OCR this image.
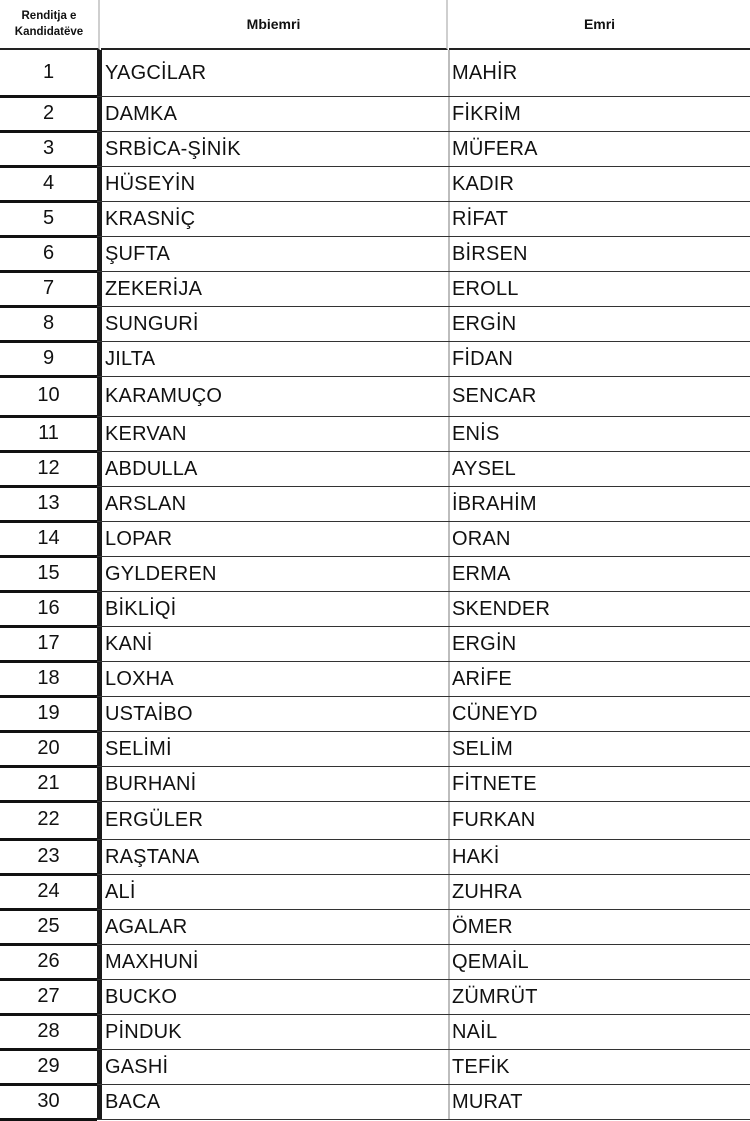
Renditja e
Kandidatëve	Mbiemri	Emri
1	YAGCİLAR	MAHİR
2	DAMKA	FİKRİM
3	SRBİCA-ŞİNİK	MÜFERA
4	HÜSEYİN	KADIR
5	KRASNİÇ	RİFAT
6	ŞUFTA	BİRSEN
7	ZEKERİJA	EROLL
8	SUNGURİ	ERGİN
9	JILTA	FİDAN
10	KARAMUÇO	SENCAR
11	KERVAN	ENİS
12	ABDULLA	AYSEL
13	ARSLAN	İBRAHİM
14	LOPAR	ORAN
15	GYLDEREN	ERMA
16	BİKLİQİ	SKENDER
17	KANİ	ERGİN
18	LOXHA	ARİFE
19	USTAİBO	CÜNEYD
20	SELİMİ	SELİM
21	BURHANİ	FİTNETE
22	ERGÜLER	FURKAN
23	RAŞTANA	HAKİ
24	ALİ	ZUHRA
25	AGALAR	ÖMER
26	MAXHUNİ	QEMAİL
27	BUCKO	ZÜMRÜT
28	PİNDUK	NAİL
29	GASHİ	TEFİK
30	BACA	MURAT
